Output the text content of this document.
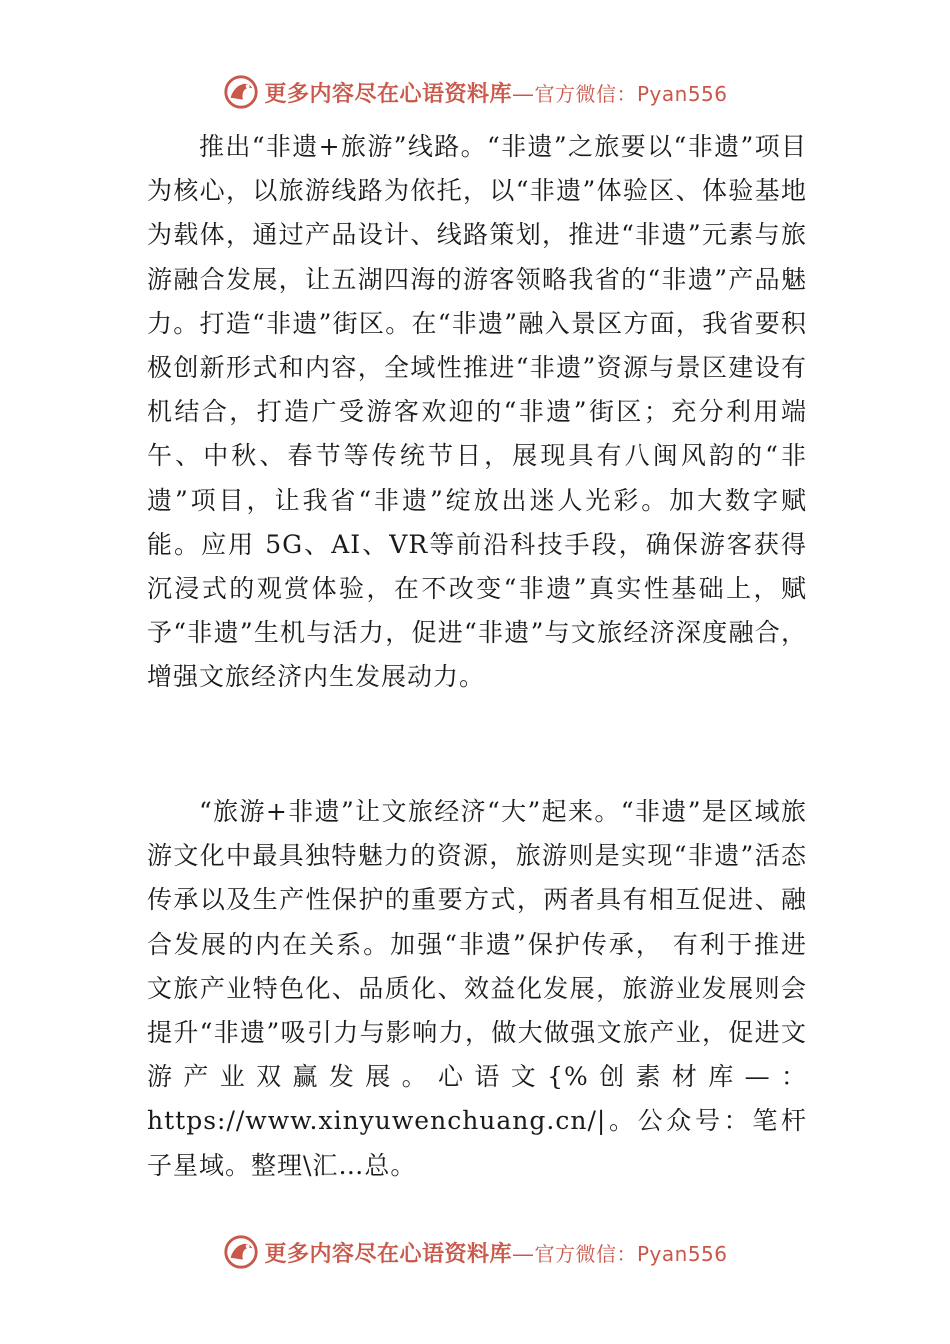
更多内容尽在心语资料库—官方微信：Pyan556

推出“非遗+旅游”线路。“非遗”之旅要以“非遗”项目为核心，以旅游线路为依托，以“非遗”体验区、体验基地为载体，通过产品设计、线路策划，推进“非遗”元素与旅游融合发展，让五湖四海的游客领略我省的“非遗”产品魅力。打造“非遗”街区。在“非遗”融入景区方面，我省要积极创新形式和内容，全域性推进“非遗”资源与景区建设有机结合，打造广受游客欢迎的“非遗”街区；充分利用端午、中秋、春节等传统节日，展现具有八闽风韵的“非遗”项目，让我省“非遗”绽放出迷人光彩。加大数字赋能。应用 5G、AI、VR等前沿科技手段，确保游客获得沉浸式的观赏体验，在不改变“非遗”真实性基础上，赋予“非遗”生机与活力，促进“非遗”与文旅经济深度融合，增强文旅经济内生发展动力。

“旅游+非遗”让文旅经济“大”起来。“非遗”是区域旅游文化中最具独特魅力的资源，旅游则是实现“非遗”活态传承以及生产性保护的重要方式，两者具有相互促进、融合发展的内在关系。加强“非遗”保护传承， 有利于推进文旅产业特色化、品质化、效益化发展，旅游业发展则会提升“非遗”吸引力与影响力，做大做强文旅产业，促进文游产业双赢发展。心语文{%创素材库—：https://www.xinyuwenchuang.cn/|。公众号：笔杆子星域。整理\汇…总。

更多内容尽在心语资料库—官方微信：Pyan556
